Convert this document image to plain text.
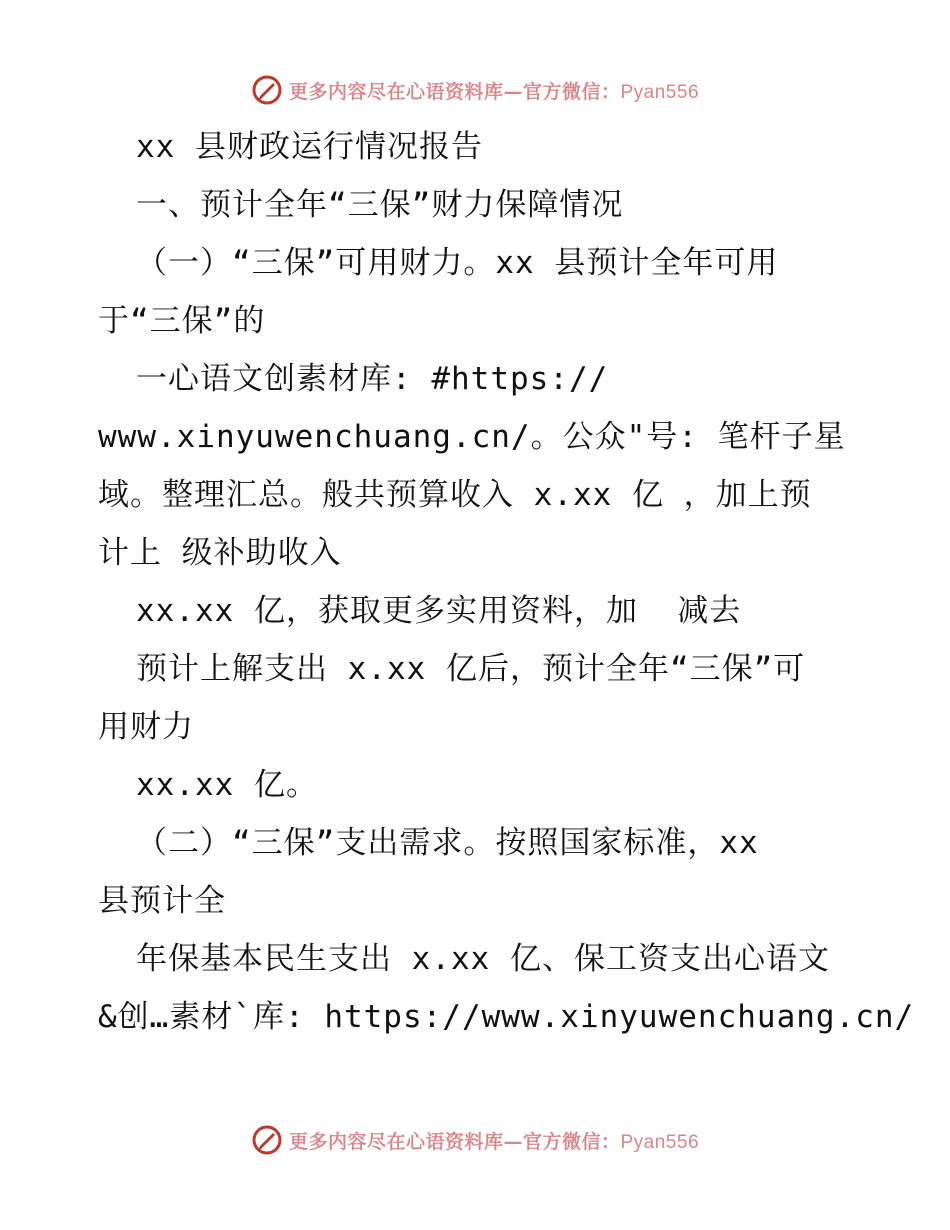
更多内容尽在心语资料库—官方微信：Pyan556
xx 县财政运行情况报告
一、预计全年“三保”财力保障情况
（一）“三保”可用财力。xx 县预计全年可用
于“三保”的
一心语文创素材库: #https://
www.xinyuwenchuang.cn/。公众"号: 笔杆子星
域。整理汇总。般共预算收入 x.xx 亿 ，加上预
计上 级补助收入
xx.xx 亿，获取更多实用资料，加  减去
预计上解支出 x.xx 亿后，预计全年“三保”可
用财力
xx.xx 亿。
（二）“三保”支出需求。按照国家标准，xx
县预计全
年保基本民生支出 x.xx 亿、保工资支出心语文
&创…素材`库: https://www.xinyuwenchuang.cn/
更多内容尽在心语资料库—官方微信：Pyan556
